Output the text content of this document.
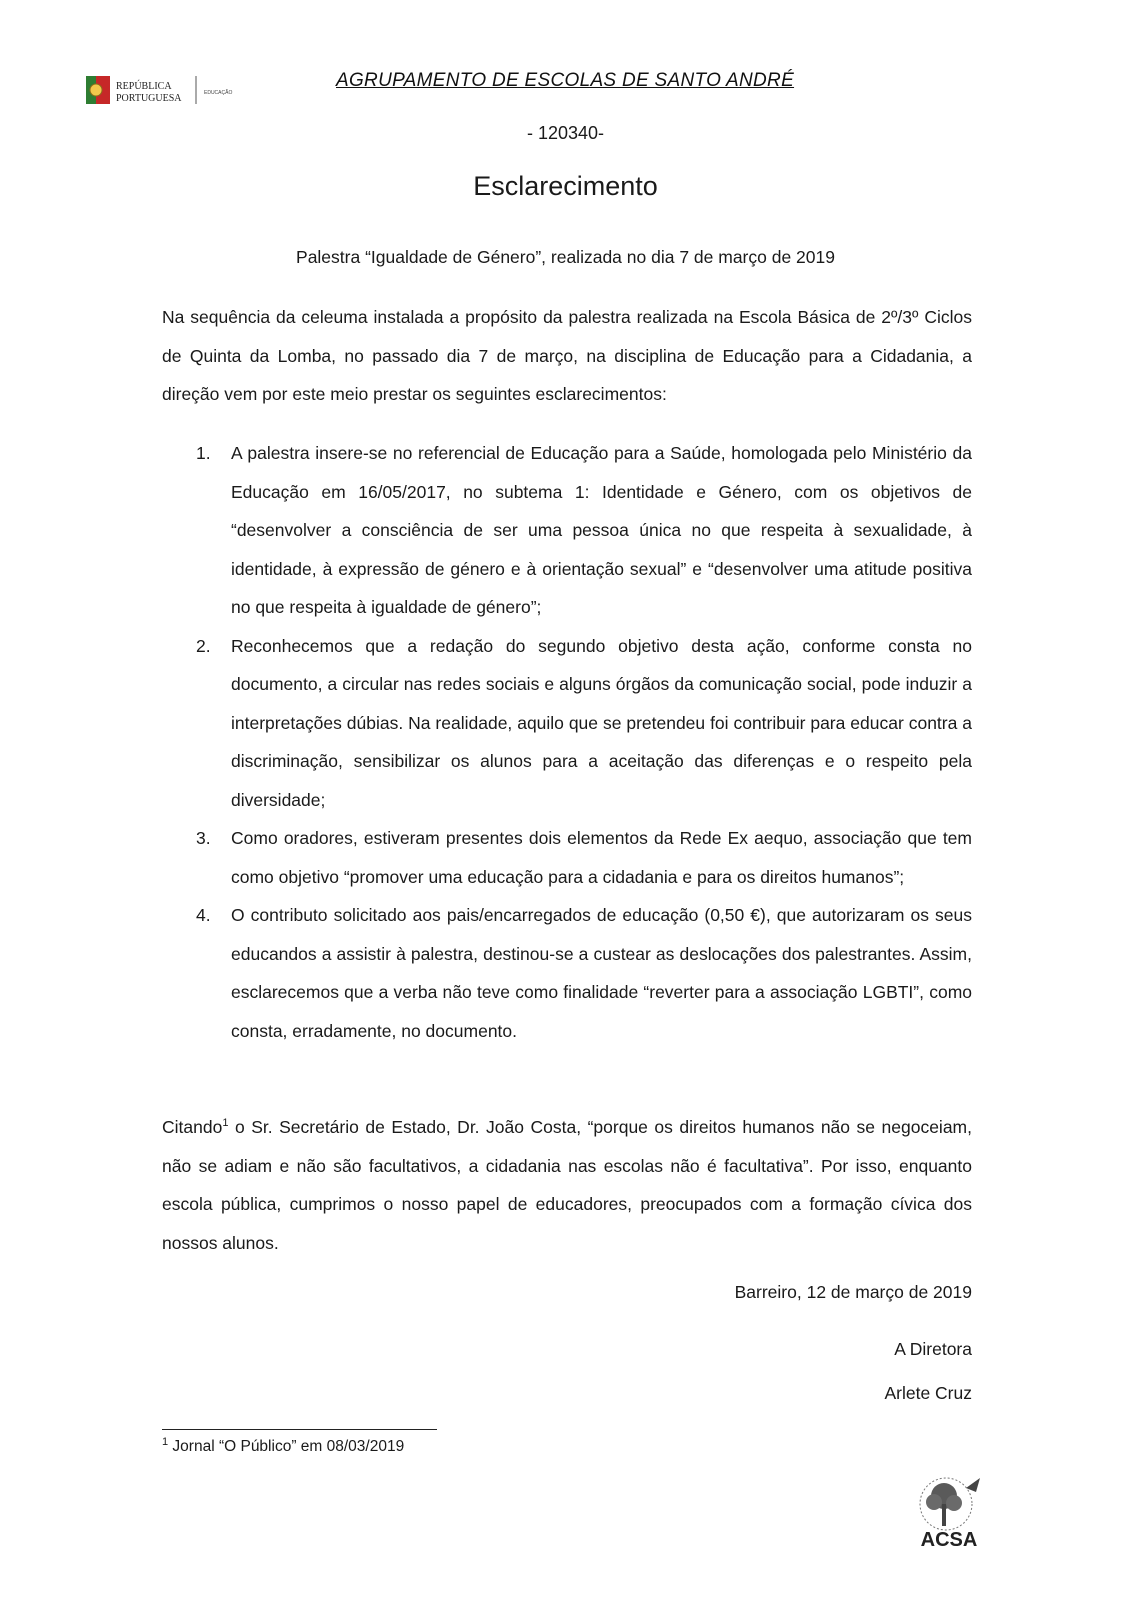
REPÚBLICA
PORTUGUESA	EDUCAÇÃO
AGRUPAMENTO DE ESCOLAS DE SANTO ANDRÉ
- 120340-
Esclarecimento
Palestra “Igualdade de Género”, realizada no dia 7 de março de 2019

Na sequência da celeuma instalada a propósito da palestra realizada na Escola Básica de 2º/3º Ciclos de Quinta da Lomba, no passado dia 7 de março, na disciplina de Educação para a Cidadania, a direção vem por este meio prestar os seguintes esclarecimentos:

1. A palestra insere-se no referencial de Educação para a Saúde, homologada pelo Ministério da Educação em 16/05/2017, no subtema 1: Identidade e Género, com os objetivos de “desenvolver a consciência de ser uma pessoa única no que respeita à sexualidade, à identidade, à expressão de género e à orientação sexual” e “desenvolver uma atitude positiva no que respeita à igualdade de género”;
2. Reconhecemos que a redação do segundo objetivo desta ação, conforme consta no documento, a circular nas redes sociais e alguns órgãos da comunicação social, pode induzir a interpretações dúbias. Na realidade, aquilo que se pretendeu foi contribuir para educar contra a discriminação, sensibilizar os alunos para a aceitação das diferenças e o respeito pela diversidade;
3. Como oradores, estiveram presentes dois elementos da Rede Ex aequo, associação que tem como objetivo “promover uma educação para a cidadania e para os direitos humanos”;
4. O contributo solicitado aos pais/encarregados de educação (0,50 €), que autorizaram os seus educandos a assistir à palestra, destinou-se a custear as deslocações dos palestrantes. Assim, esclarecemos que a verba não teve como finalidade “reverter para a associação LGBTI”, como consta, erradamente, no documento.

Citando$^1$ o Sr. Secretário de Estado, Dr. João Costa, “porque os direitos humanos não se negoceiam, não se adiam e não são facultativos, a cidadania nas escolas não é facultativa”. Por isso, enquanto escola pública, cumprimos o nosso papel de educadores, preocupados com a formação cívica dos nossos alunos.

Barreiro, 12 de março de 2019
A Diretora
Arlete Cruz
$^1$ Jornal “O Público” em 08/03/2019
ACSA
